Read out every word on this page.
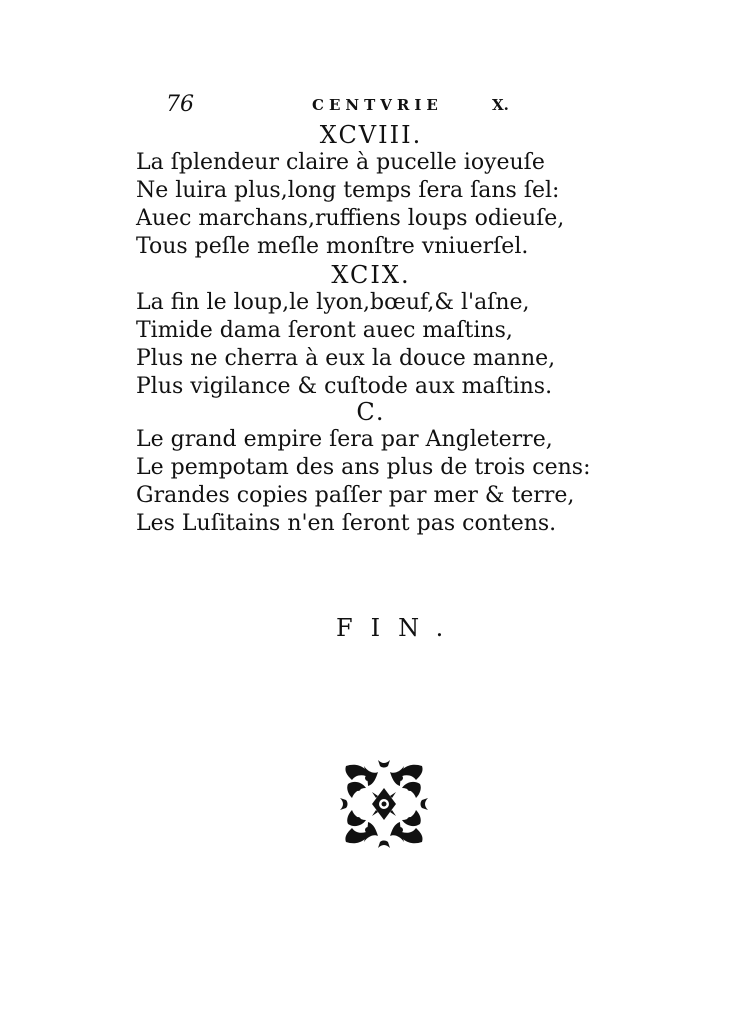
76	CENTVRIE	X.
XCVIII.
La ſplendeur claire à pucelle ioyeuſe
Ne luira plus,long temps ſera ſans ſel:
Auec marchans,ruffiens loups odieuſe,
Tous peſle meſle monſtre vniuerſel.
XCIX.
La fin le loup,le lyon,bœuf,& l'aſne,
Timide dama ſeront auec maſtins,
Plus ne cherra à eux la douce manne,
Plus vigilance & cuſtode aux maſtins.
C.
Le grand empire ſera par Angleterre,
Le pempotam des ans plus de trois cens:
Grandes copies paſſer par mer & terre,
Les Luſitains n'en ſeront pas contens.
FIN.
